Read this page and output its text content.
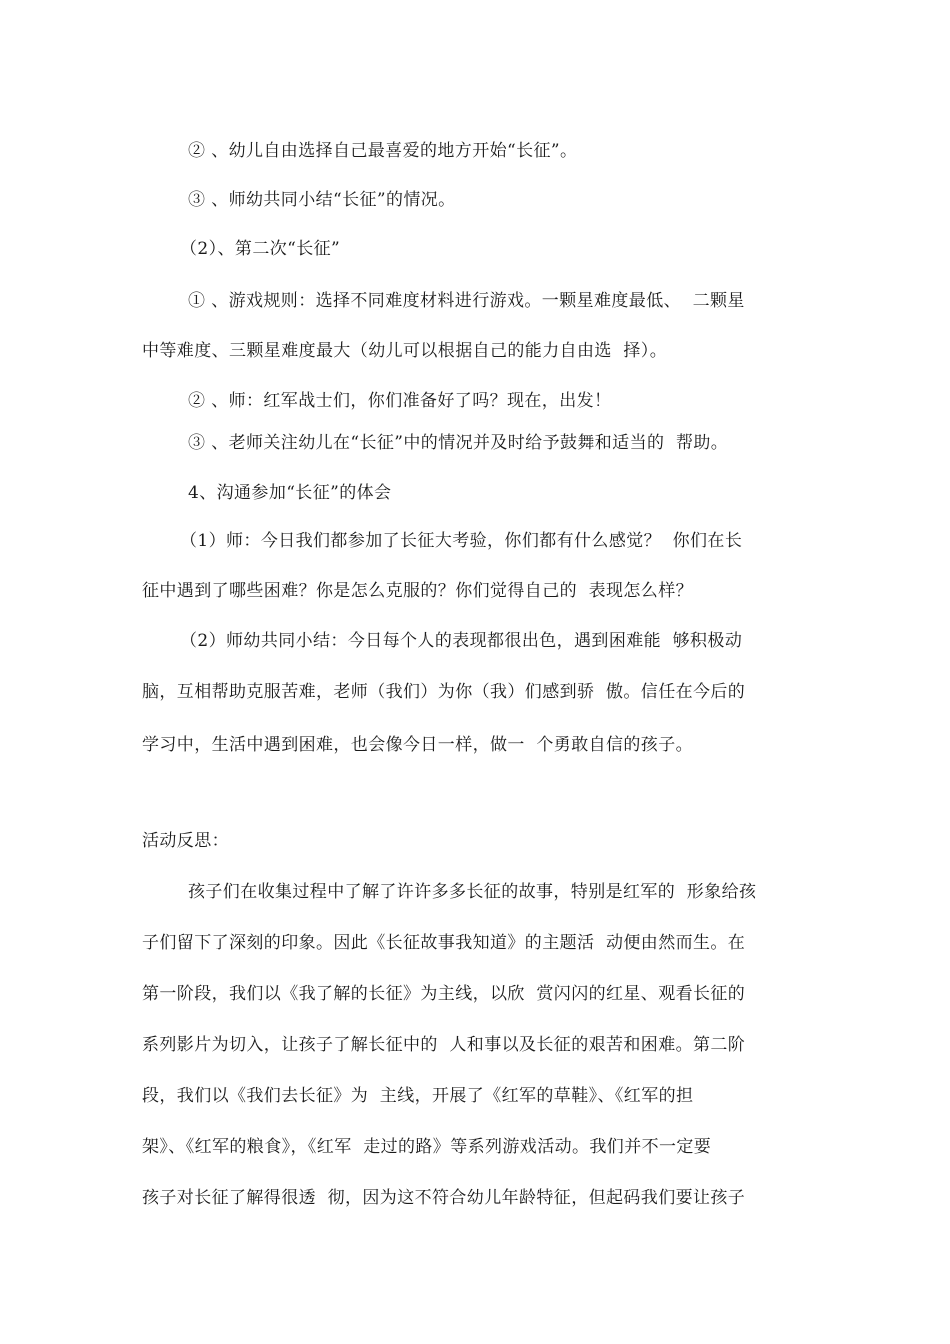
② 、幼儿自由选择自己最喜爱的地方开始“长征”。
③ 、师幼共同小结“长征”的情况。
（2）、第二次“长征”
① 、游戏规则：选择不同难度材料进行游戏。一颗星难度最低、  二颗星
中等难度、三颗星难度最大（幼儿可以根据自己的能力自由选  择）。
② 、师：红军战士们，你们准备好了吗？现在，出发！
③ 、老师关注幼儿在“长征”中的情况并及时给予鼓舞和适当的  帮助。
4、沟通参加“长征”的体会
（1）师：今日我们都参加了长征大考验，你们都有什么感觉？  你们在长
征中遇到了哪些困难？你是怎么克服的？你们觉得自己的  表现怎么样？
（2）师幼共同小结：今日每个人的表现都很出色，遇到困难能  够积极动
脑，互相帮助克服苦难，老师（我们）为你（我）们感到骄  傲。信任在今后的
学习中，生活中遇到困难，也会像今日一样，做一  个勇敢自信的孩子。
活动反思：
孩子们在收集过程中了解了许许多多长征的故事，特别是红军的  形象给孩
子们留下了深刻的印象。因此《长征故事我知道》的主题活  动便由然而生。在
第一阶段，我们以《我了解的长征》为主线，以欣  赏闪闪的红星、观看长征的
系列影片为切入，让孩子了解长征中的  人和事以及长征的艰苦和困难。第二阶
段，我们以《我们去长征》为  主线，开展了《红军的草鞋》、《红军的担
架》、《红军的粮食》，《红军  走过的路》等系列游戏活动。我们并不一定要
孩子对长征了解得很透  彻，因为这不符合幼儿年龄特征，但起码我们要让孩子
